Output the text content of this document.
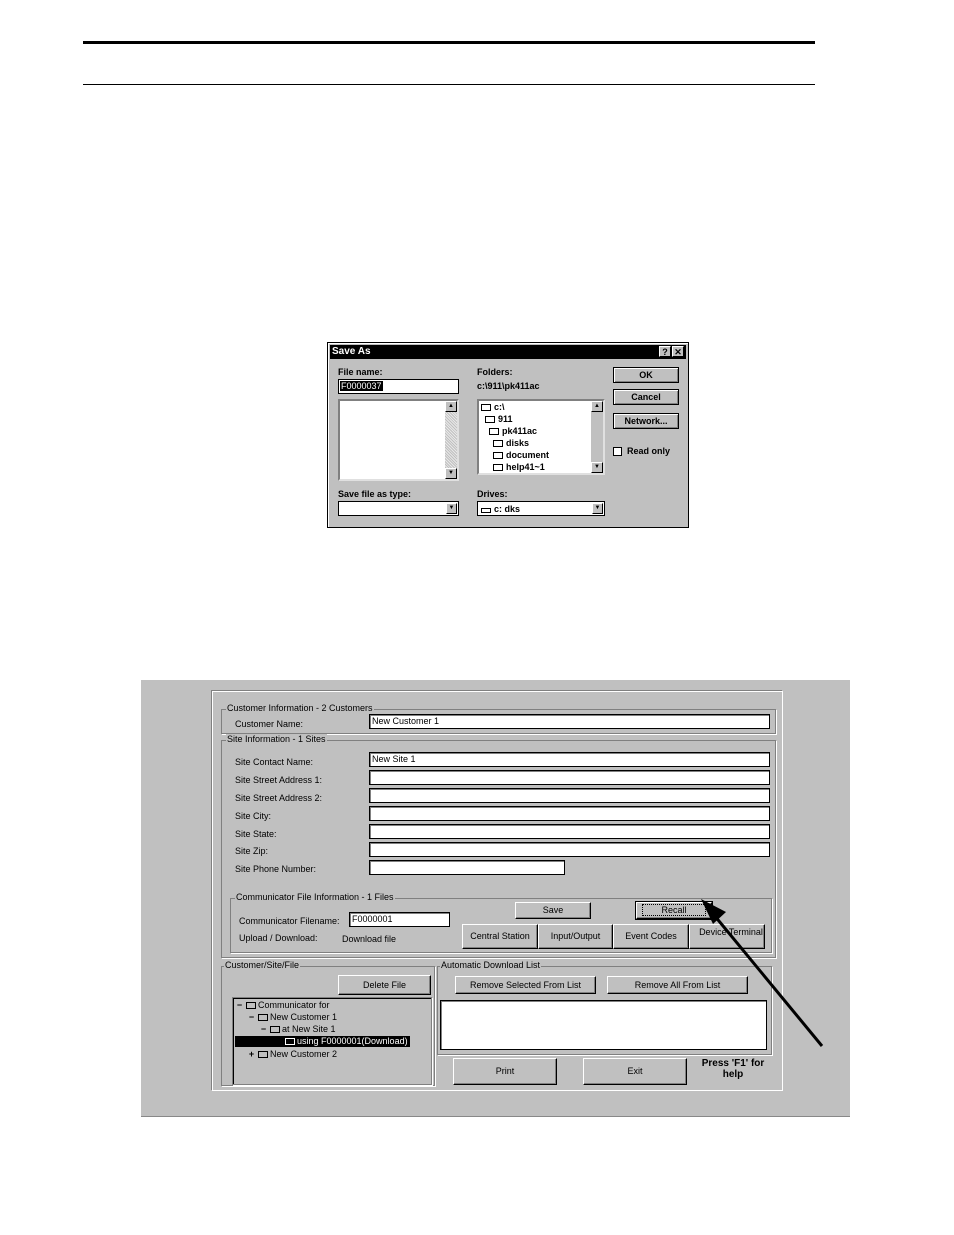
Save As	? ✕
File name:
F0000037
▲
▼
Save file as type:
▼
Folders:
c:\911\pk411ac
c:\
911
pk411ac
disks
document
help41~1
▲
▼
Drives:
c: dks	▼
OK
Cancel
Network...
Read only
Customer Information - 2 Customers
Customer Name:	New Customer 1
Site Information - 1 Sites
Site Contact Name:	New Site 1
Site Street Address 1:
Site Street Address 2:
Site City:
Site State:
Site Zip:
Site Phone Number:
Communicator File Information - 1 Files
Communicator Filename:	F0000001
Upload / Download:	Download file
Save	Recall
Central Station	Input/Output	Event Codes	Device Terminal
Customer/Site/File
Delete File
− Communicator for
− New Customer 1
− at New Site 1
using F0000001(Download)
+ New Customer 2
Automatic Download List
Remove Selected From List	Remove All From List
Print	Exit
Press 'F1' for help
